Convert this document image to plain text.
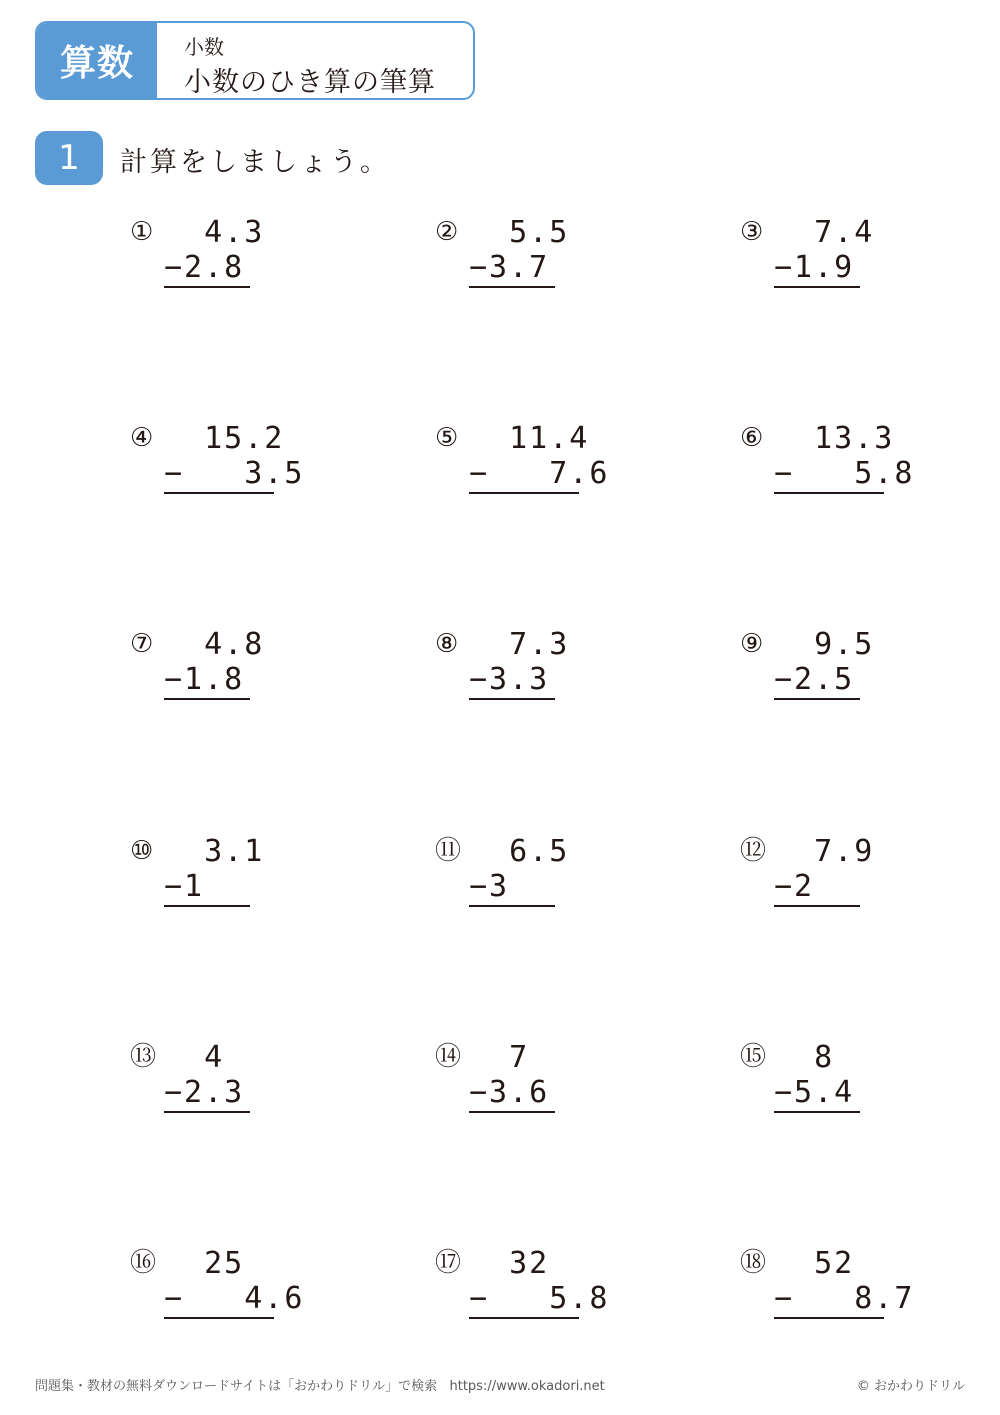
算数	小数
小数のひき算の筆算
1	計算をしましょう。
① 4.3
−2.8
② 5.5
−3.7
③ 7.4
−1.9
④ 15.2
−   3.5
⑤ 11.4
−   7.6
⑥ 13.3
−   5.8
⑦ 4.8
−1.8
⑧ 7.3
−3.3
⑨ 9.5
−2.5
⑩ 3.1
−1
⑪ 6.5
−3
⑫ 7.9
−2
⑬ 4
−2.3
⑭ 7
−3.6
⑮ 8
−5.4
⑯ 25
−   4.6
⑰ 32
−   5.8
⑱ 52
−   8.7
問題集・教材の無料ダウンロードサイトは「おかわりドリル」で検索   https://www.okadori.net	© おかわりドリル
